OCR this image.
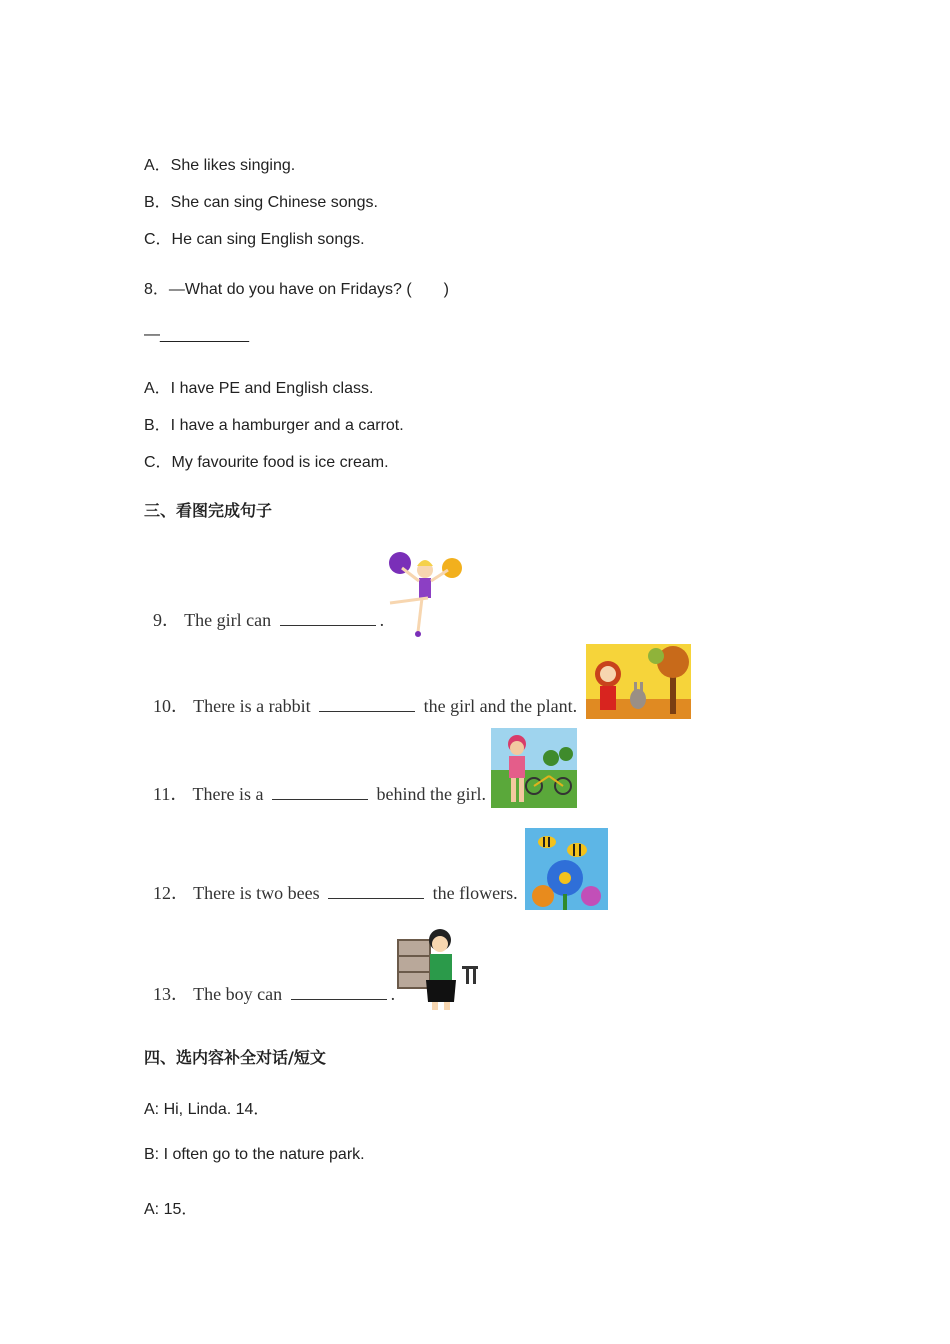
A．She likes singing.
B．She can sing Chinese songs.
C．He can sing English songs.
8．—What do you have on Fridays? (　　)
—__________
A．I have PE and English class.
B．I have a hamburger and a carrot.
C．My favourite food is ice cream.
三、看图完成句子

9． The girl can	.

10． There is a rabbit	the girl and the plant.

11． There is a	behind the girl.

12． There is two bees	the flowers.

13． The boy can	.

四、选内容补全对话/短文
A: Hi, Linda. 14．
B: I often go to the nature park.
A: 15．
